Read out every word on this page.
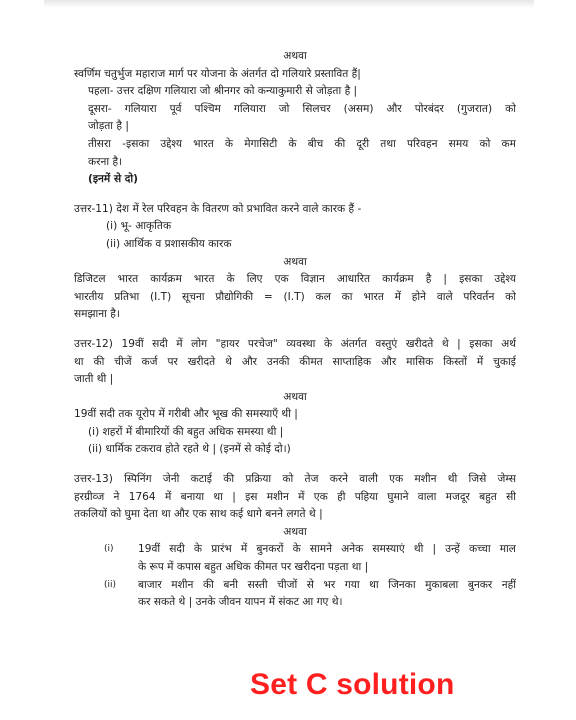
अथवा
स्वर्णिम चतुर्भुज महाराज मार्ग पर योजना के अंतर्गत दो गलियारे प्रस्तावित हैं|
पहला- उत्तर दक्षिण गलियारा जो श्रीनगर को कन्याकुमारी से जोड़ता है |
दूसरा- गलियारा पूर्व पश्चिम गलियारा जो सिलचर (असम) और पोरबंदर (गुजरात) को
जोड़ता है |
तीसरा -इसका उद्देश्य भारत के मेगासिटी के बीच की दूरी तथा परिवहन समय को कम
करना है।
(इनमें से दो)
उत्तर-11) देश में रेल परिवहन के वितरण को प्रभावित करने वाले कारक हैं -
(i) भू- आकृतिक
(ii) आर्थिक व प्रशासकीय कारक
अथवा
डिजिटल भारत कार्यक्रम भारत के लिए एक विज्ञान आधारित कार्यक्रम है | इसका उद्देश्य
भारतीय प्रतिभा (I.T) सूचना प्रौद्योगिकी = (I.T) कल का भारत में होने वाले परिवर्तन को
समझाना है।
उत्तर-12) 19वीं सदी में लोग "हायर परचेज" व्यवस्था के अंतर्गत वस्तुएं खरीदते थे | इसका अर्थ
था की चीजें कर्ज पर खरीदते थे और उनकी कीमत साप्ताहिक और मासिक किस्तों में चुकाई
जाती थी |
अथवा
19वीं सदी तक यूरोप में गरीबी और भूख की समस्याएँ थी |
(i) शहरों में बीमारियों की बहुत अधिक समस्या थी |
(ii) धार्मिक टकराव होते रहते थे | (इनमें से कोई दो।)
उत्तर-13) स्पिनिंग जेनी कटाई की प्रक्रिया को तेज करने वाली एक मशीन थी जिसे जेम्स
हरग्रीव्ज ने 1764 में बनाया था | इस मशीन में एक ही पहिया घुमाने वाला मजदूर बहुत सी
तकलियों को घुमा देता था और एक साथ कई धागे बनने लगते थे |
अथवा
(i)	19वीं सदी के प्रारंभ में बुनकरों के सामने अनेक समस्याएं थी | उन्हें कच्चा माल
के रूप में कपास बहुत अधिक कीमत पर खरीदना पड़ता था |
(ii)	बाजार मशीन की बनी सस्ती चीजों से भर गया था जिनका मुकाबला बुनकर नहीं
कर सकते थे | उनके जीवन यापन में संकट आ गए थे।
Set C solution
